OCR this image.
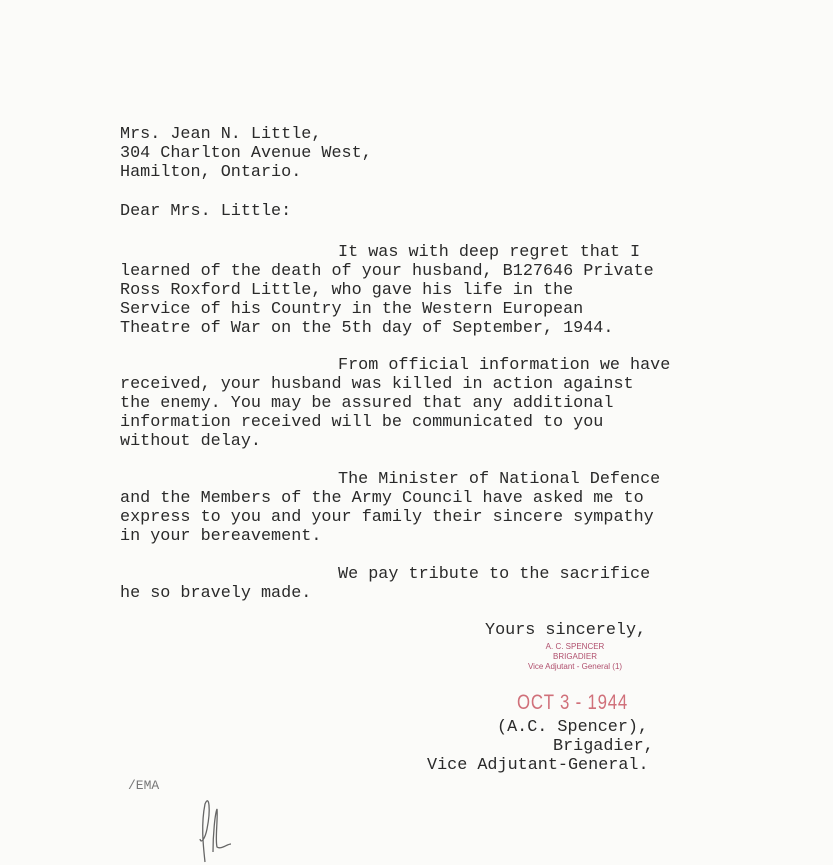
Mrs. Jean N. Little,
304 Charlton Avenue West,
Hamilton, Ontario.
Dear Mrs. Little:
It was with deep regret that I
learned of the death of your husband, B127646 Private
Ross Roxford Little, who gave his life in the
Service of his Country in the Western European
Theatre of War on the 5th day of September, 1944.
From official information we have
received, your husband was killed in action against
the enemy. You may be assured that any additional
information received will be communicated to you
without delay.
The Minister of National Defence
and the Members of the Army Council have asked me to
express to you and your family their sincere sympathy
in your bereavement.
We pay tribute to the sacrifice
he so bravely made.
Yours sincerely,
A. C. SPENCER
BRIGADIER
Vice Adjutant - General (1)
OCT 3 - 1944
(A.C. Spencer),
Brigadier,
Vice Adjutant-General.
/EMA
